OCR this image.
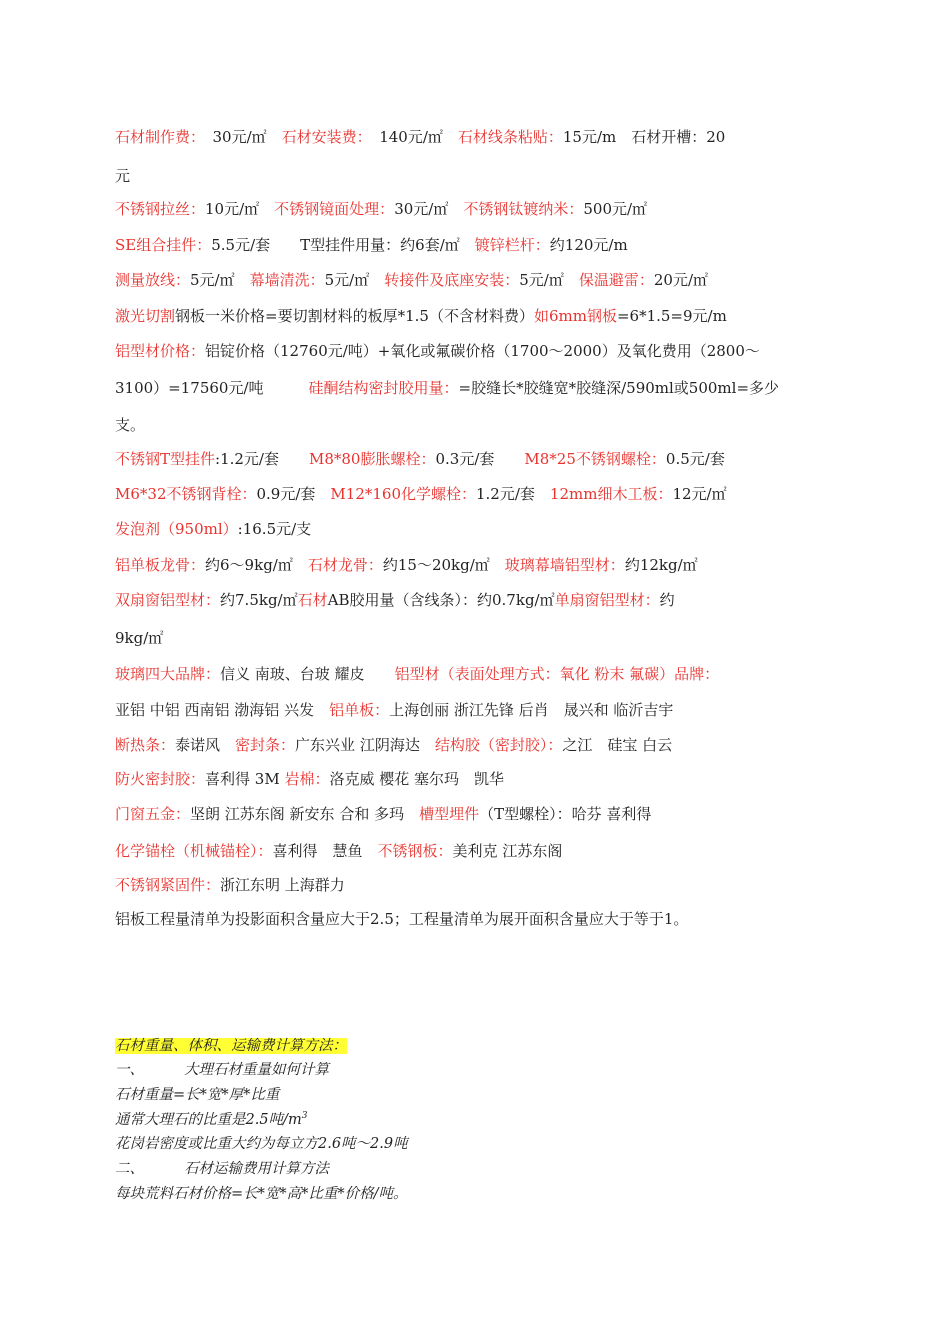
石材制作费：　30元/㎡　石材安装费：　140元/㎡　石材线条粘贴：15元/m　石材开槽：20
元
不锈钢拉丝：10元/㎡　不锈钢镜面处理：30元/㎡　不锈钢钛镀纳米：500元/㎡
SE组合挂件：5.5元/套　　T型挂件用量：约6套/㎡　镀锌栏杆：约120元/m
测量放线：5元/㎡　幕墙清洗：5元/㎡　转接件及底座安装：5元/㎡　保温避雷：20元/㎡
激光切割钢板一米价格=要切割材料的板厚*1.5（不含材料费）如6mm钢板=6*1.5=9元/m
铝型材价格：铝锭价格（12760元/吨）+氧化或氟碳价格（1700～2000）及氧化费用（2800～
3100）=17560元/吨　　　硅酮结构密封胶用量：=胶缝长*胶缝宽*胶缝深/590ml或500ml=多少
支。
不锈钢T型挂件:1.2元/套　　M8*80膨胀螺栓：0.3元/套　　M8*25不锈钢螺栓：0.5元/套
M6*32不锈钢背栓：0.9元/套　M12*160化学螺栓：1.2元/套　12mm细木工板：12元/㎡
发泡剂（950ml）:16.5元/支
铝单板龙骨：约6～9kg/㎡　石材龙骨：约15～20kg/㎡　玻璃幕墙铝型材：约12kg/㎡
双扇窗铝型材：约7.5kg/㎡石材AB胶用量（含线条）：约0.7kg/㎡单扇窗铝型材：约
9kg/㎡
玻璃四大品牌：信义 南玻、台玻 耀皮　　铝型材（表面处理方式：氧化 粉末 氟碳）品牌：
亚铝 中铝 西南铝 渤海铝 兴发　铝单板：上海创丽 浙江先锋 后肖　晟兴和 临沂吉宇
断热条：泰诺风　密封条：广东兴业 江阴海达　结构胶（密封胶）：之江　硅宝 白云
防火密封胶：喜利得 3M 岩棉：洛克威 樱花 塞尔玛　凯华
门窗五金：坚朗 江苏东阁 新安东 合和 多玛　槽型埋件（T型螺栓）：哈芬 喜利得
化学锚栓（机械锚栓）：喜利得　慧鱼　不锈钢板：美利克 江苏东阁
不锈钢紧固件：浙江东明 上海群力
铝板工程量清单为投影面积含量应大于2.5；工程量清单为展开面积含量应大于等于1。
石材重量、体积、运输费计算方法：
一、	大理石材重量如何计算
石材重量=长*宽*厚*比重
通常大理石的比重是2.5吨$/m^3$
花岗岩密度或比重大约为每立方2.6吨～2.9吨
二、	石材运输费用计算方法
每块荒料石材价格=长*宽*高*比重*价格/吨。
